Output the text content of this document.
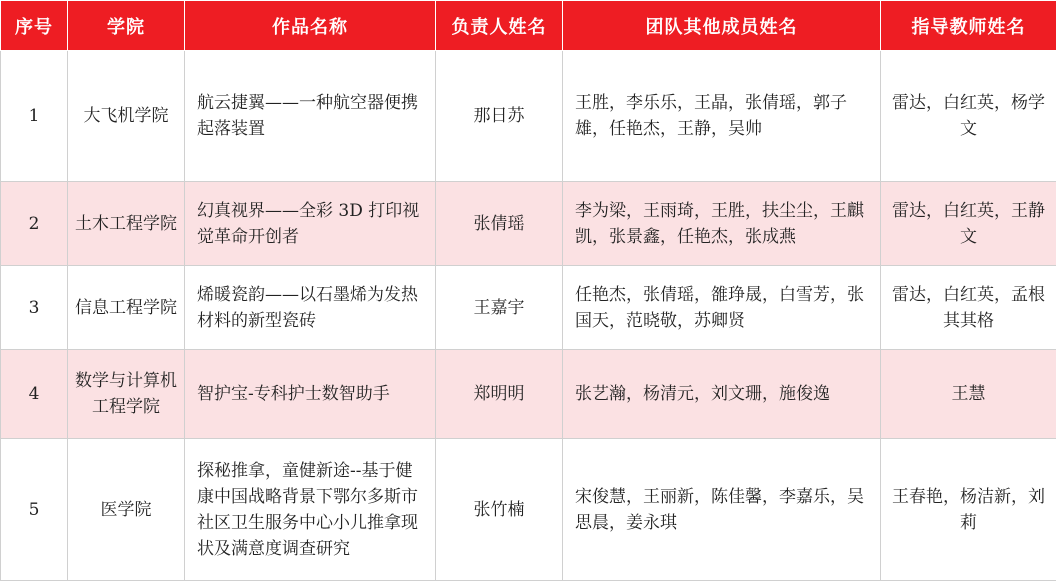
序号	学院	作品名称	负责人姓名	团队其他成员姓名	指导教师姓名
1	大飞机学院	航云捷翼——一种航空器便携起落装置	那日苏	王胜，李乐乐，王晶，张倩瑶，郭子雄，任艳杰，王静，吴帅	雷达，白红英，杨学文
2	土木工程学院	幻真视界——全彩 3D 打印视觉革命开创者	张倩瑶	李为梁，王雨琦，王胜，扶尘尘，王麒凯，张景鑫，任艳杰，张成燕	雷达，白红英，王静文
3	信息工程学院	烯暖瓷韵——以石墨烯为发热材料的新型瓷砖	王嘉宇	任艳杰，张倩瑶，雒琤晟，白雪芳，张国天，范晓敬，苏卿贤	雷达，白红英，孟根其其格
4	数学与计算机工程学院	智护宝-专科护士数智助手	郑明明	张艺瀚，杨清元，刘文珊，施俊逸	王慧
5	医学院	探秘推拿，童健新途--基于健康中国战略背景下鄂尔多斯市社区卫生服务中心小儿推拿现状及满意度调查研究	张竹楠	宋俊慧，王丽新，陈佳馨，李嘉乐，吴思晨，姜永琪	王春艳，杨洁新，刘莉
